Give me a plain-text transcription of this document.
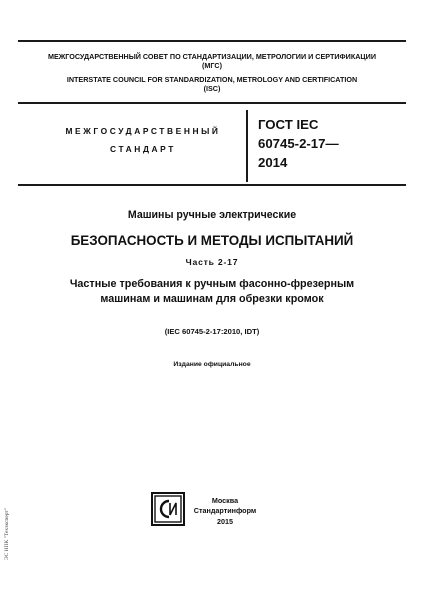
МЕЖГОСУДАРСТВЕННЫЙ СОВЕТ ПО СТАНДАРТИЗАЦИИ, МЕТРОЛОГИИ И СЕРТИФИКАЦИИ
(МГС)
INTERSTATE COUNCIL FOR STANDARDIZATION, METROLOGY AND CERTIFICATION
(ISC)
МЕЖГОСУДАРСТВЕННЫЙ
СТАНДАРТ
ГОСТ IEC
60745-2-17—
2014
Машины ручные электрические
БЕЗОПАСНОСТЬ И МЕТОДЫ ИСПЫТАНИЙ
Часть 2-17
Частные требования к ручным фасонно-фрезерным
машинам и машинам для обрезки кромок
(IEC 60745-2-17:2010, IDT)
Издание официальное
Москва
Стандартинформ
2015
ЭС НПК "Техэксперт"
